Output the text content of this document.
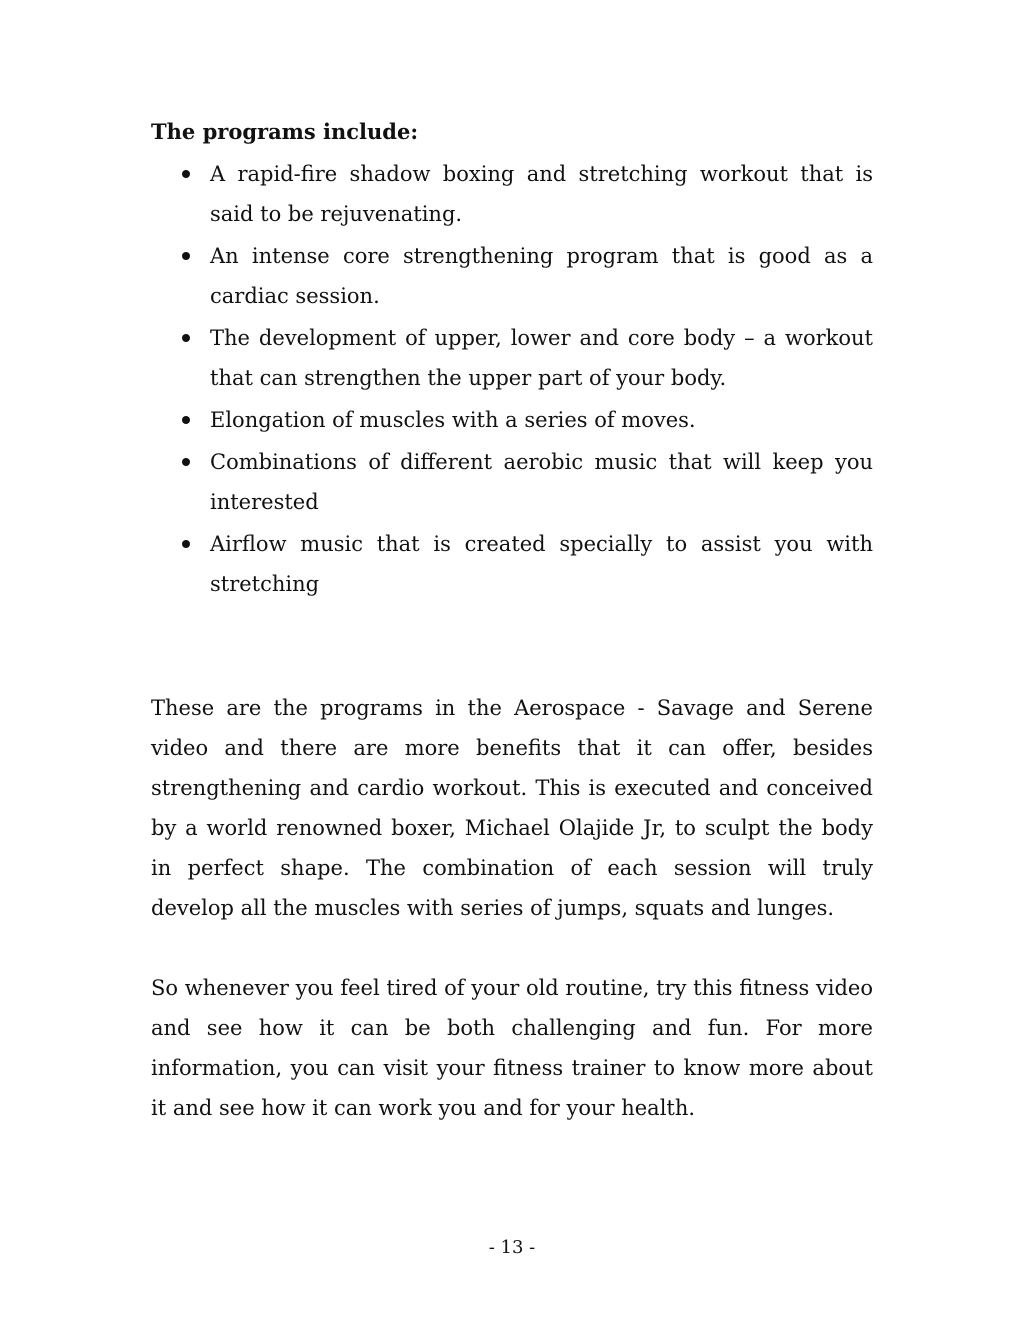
The programs include:

A rapid-fire shadow boxing and stretching workout that is said to be rejuvenating.
An intense core strengthening program that is good as a cardiac session.
The development of upper, lower and core body – a workout that can strengthen the upper part of your body.
Elongation of muscles with a series of moves.
Combinations of different aerobic music that will keep you interested
Airflow music that is created specially to assist you with stretching

These are the programs in the Aerospace - Savage and Serene video and there are more benefits that it can offer, besides strengthening and cardio workout. This is executed and conceived by a world renowned boxer, Michael Olajide Jr, to sculpt the body in perfect shape. The combination of each session will truly develop all the muscles with series of jumps, squats and lunges.

So whenever you feel tired of your old routine, try this fitness video and see how it can be both challenging and fun. For more information, you can visit your fitness trainer to know more about it and see how it can work you and for your health.

- 13 -
